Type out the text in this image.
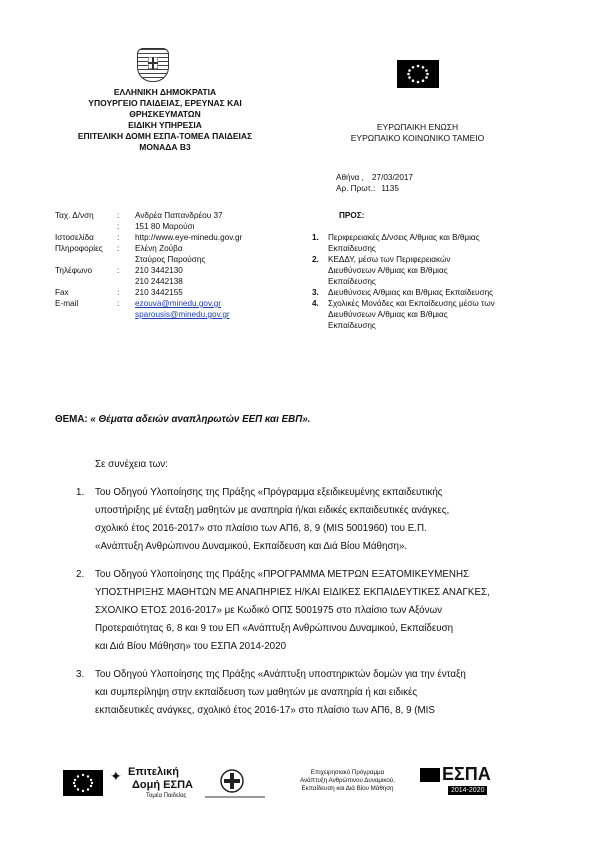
ΕΛΛΗΝΙΚΗ ΔΗΜΟΚΡΑΤΙΑ
ΥΠΟΥΡΓΕΙΟ ΠΑΙΔΕΙΑΣ, ΕΡΕΥΝΑΣ ΚΑΙ
ΘΡΗΣΚΕΥΜΑΤΩΝ
ΕΙΔΙΚΗ ΥΠΗΡΕΣΙΑ
ΕΠΙΤΕΛΙΚΗ ΔΟΜΗ ΕΣΠΑ-ΤΟΜΕΑ ΠΑΙΔΕΙΑΣ
ΜΟΝΑΔΑ Β3
ΕΥΡΩΠΑΙΚΗ ΕΝΩΣΗ
ΕΥΡΩΠΑΙΚΟ ΚΟΙΝΩΝΙΚΟ ΤΑΜΕΙΟ
Αθήνα , 27/03/2017
Αρ. Πρωτ.: 1135
Ταχ. Δ/νση	:	Ανδρέα Παπανδρέου 37
:	151 80 Μαρούσι
Ιστοσελίδα	:	http://www.eye-minedu.gov.gr
Πληροφορίες	:	Ελένη Ζούβα
Σταύρος Παρούσης
Τηλέφωνο	:	210 3442130
210 2442138
Fax	:	210 3442155
E-mail	:	ezouva@minedu.gov.gr
sparousis@minedu.gov.gr
ΠΡΟΣ:
1.	Περιφερειακές Δ/νσεις Α/θμιας και Β/θμιας
Εκπαίδευσης
2.	ΚΕΔΔΥ, μέσω των Περιφερειακών
Διευθύνσεων Α/θμιας και Β/θμιας
Εκπαίδευσης
3.	Διευθύνσεις Α/θμιας και Β/θμιας Εκπαίδευσης
4.	Σχολικές Μονάδες και Εκπαίδευσης μέσω των
Διευθύνσεων Α/θμιας και Β/θμιας
Εκπαίδευσης
ΘΕΜΑ: « Θέματα αδειών αναπληρωτών ΕΕΠ και ΕΒΠ».
Σε συνέχεια των:
1.	Του Οδηγού Υλοποίησης της Πράξης «Πρόγραμμα εξειδικευμένης εκπαιδευτικής
υποστήριξης μέ ένταξη μαθητών με αναπηρία ή/και ειδικές εκπαιδευτικές ανάγκες,
σχολικό έτος 2016-2017» στο πλαίσιο των ΑΠ6, 8, 9 (MIS 5001960) του Ε.Π.
«Ανάπτυξη Ανθρώπινου Δυναμικού, Εκπαίδευση και Διά Βίου Μάθηση».
2.	Του Οδηγού Υλοποίησης της Πράξης «ΠΡΟΓΡΑΜΜΑ ΜΕΤΡΩΝ ΕΞΑΤΟΜΙΚΕΥΜΕΝΗΣ
ΥΠΟΣΤΗΡΙΞΗΣ ΜΑΘΗΤΩΝ ΜΕ ΑΝΑΠΗΡΙΕΣ Η/ΚΑΙ ΕΙΔΙΚΕΣ ΕΚΠΑΙΔΕΥΤΙΚΕΣ ΑΝΑΓΚΕΣ,
ΣΧΟΛΙΚΟ ΕΤΟΣ 2016-2017» με Κωδικό ΟΠΣ 5001975 στο πλαίσιο των Αξόνων
Προτεραιότητας 6, 8 και 9 του ΕΠ «Ανάπτυξη Ανθρώπινου Δυναμικού, Εκπαίδευση
και Διά Βίου Μάθηση» του ΕΣΠΑ 2014-2020
3.	Του Οδηγού Υλοποίησης της Πράξης «Ανάπτυξη υποστηρικτών δομών για την ένταξη
και συμπερίληψη στην εκπαίδευση των μαθητών με αναπηρία ή και ειδικές
εκπαιδευτικές ανάγκες, σχολικό έτος 2016-17» στο πλαίσιο των ΑΠ6, 8, 9 (MIS
✦ Επιτελική
Δομή ΕΣΠΑ
Τομέα Παιδείας
Επιχειρησιακό Πρόγραμμα
Ανάπτυξη Ανθρώπινου Δυναμικού,
Εκπαίδευση και Διά Βίου Μάθηση
ΕΣΠΑ
2014-2020
